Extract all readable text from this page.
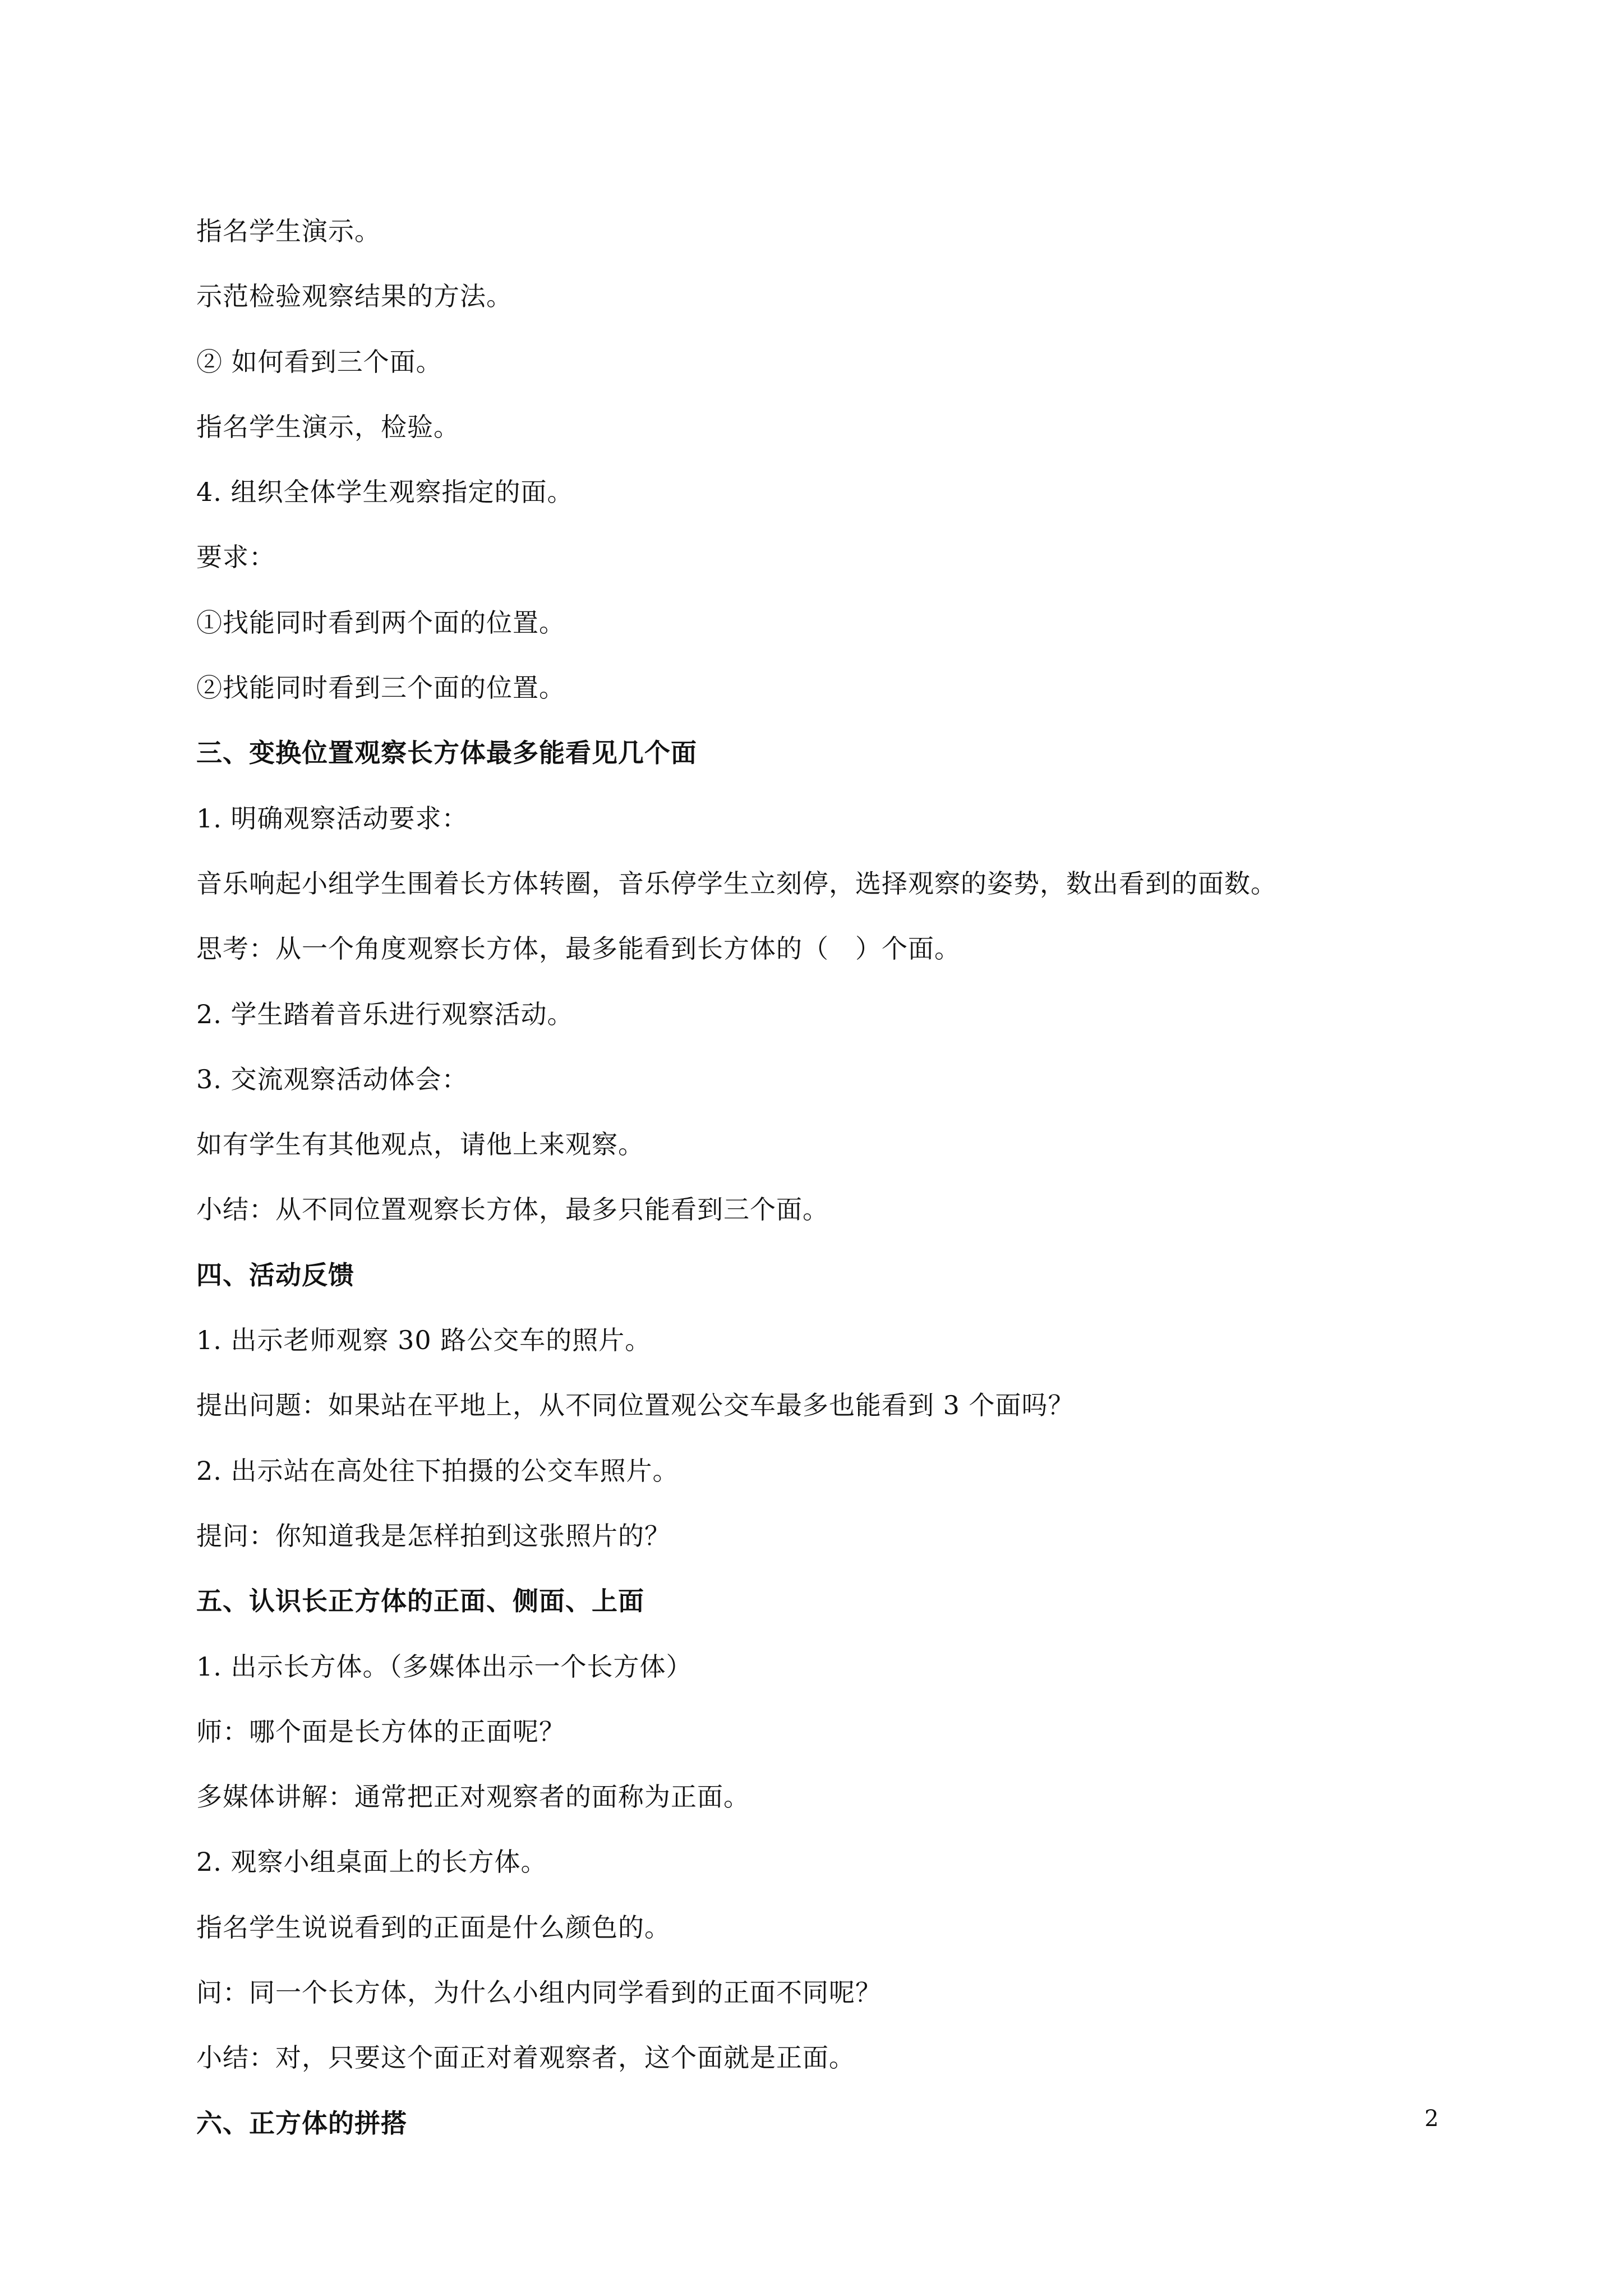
指名学生演示。
示范检验观察结果的方法。
② 如何看到三个面。
指名学生演示，检验。
4. 组织全体学生观察指定的面。
要求：
①找能同时看到两个面的位置。
②找能同时看到三个面的位置。
三、变换位置观察长方体最多能看见几个面
1. 明确观察活动要求：
音乐响起小组学生围着长方体转圈，音乐停学生立刻停，选择观察的姿势，数出看到的面数。
思考：从一个角度观察长方体，最多能看到长方体的（　）个面。
2. 学生踏着音乐进行观察活动。
3. 交流观察活动体会：
如有学生有其他观点，请他上来观察。
小结：从不同位置观察长方体，最多只能看到三个面。
四、活动反馈
1. 出示老师观察 30 路公交车的照片。
提出问题：如果站在平地上，从不同位置观公交车最多也能看到 3 个面吗？
2. 出示站在高处往下拍摄的公交车照片。
提问：你知道我是怎样拍到这张照片的？
五、认识长正方体的正面、侧面、上面
1. 出示长方体。（多媒体出示一个长方体）
师：哪个面是长方体的正面呢？
多媒体讲解：通常把正对观察者的面称为正面。
2. 观察小组桌面上的长方体。
指名学生说说看到的正面是什么颜色的。
问：同一个长方体，为什么小组内同学看到的正面不同呢？
小结：对，只要这个面正对着观察者，这个面就是正面。
六、正方体的拼搭	2
